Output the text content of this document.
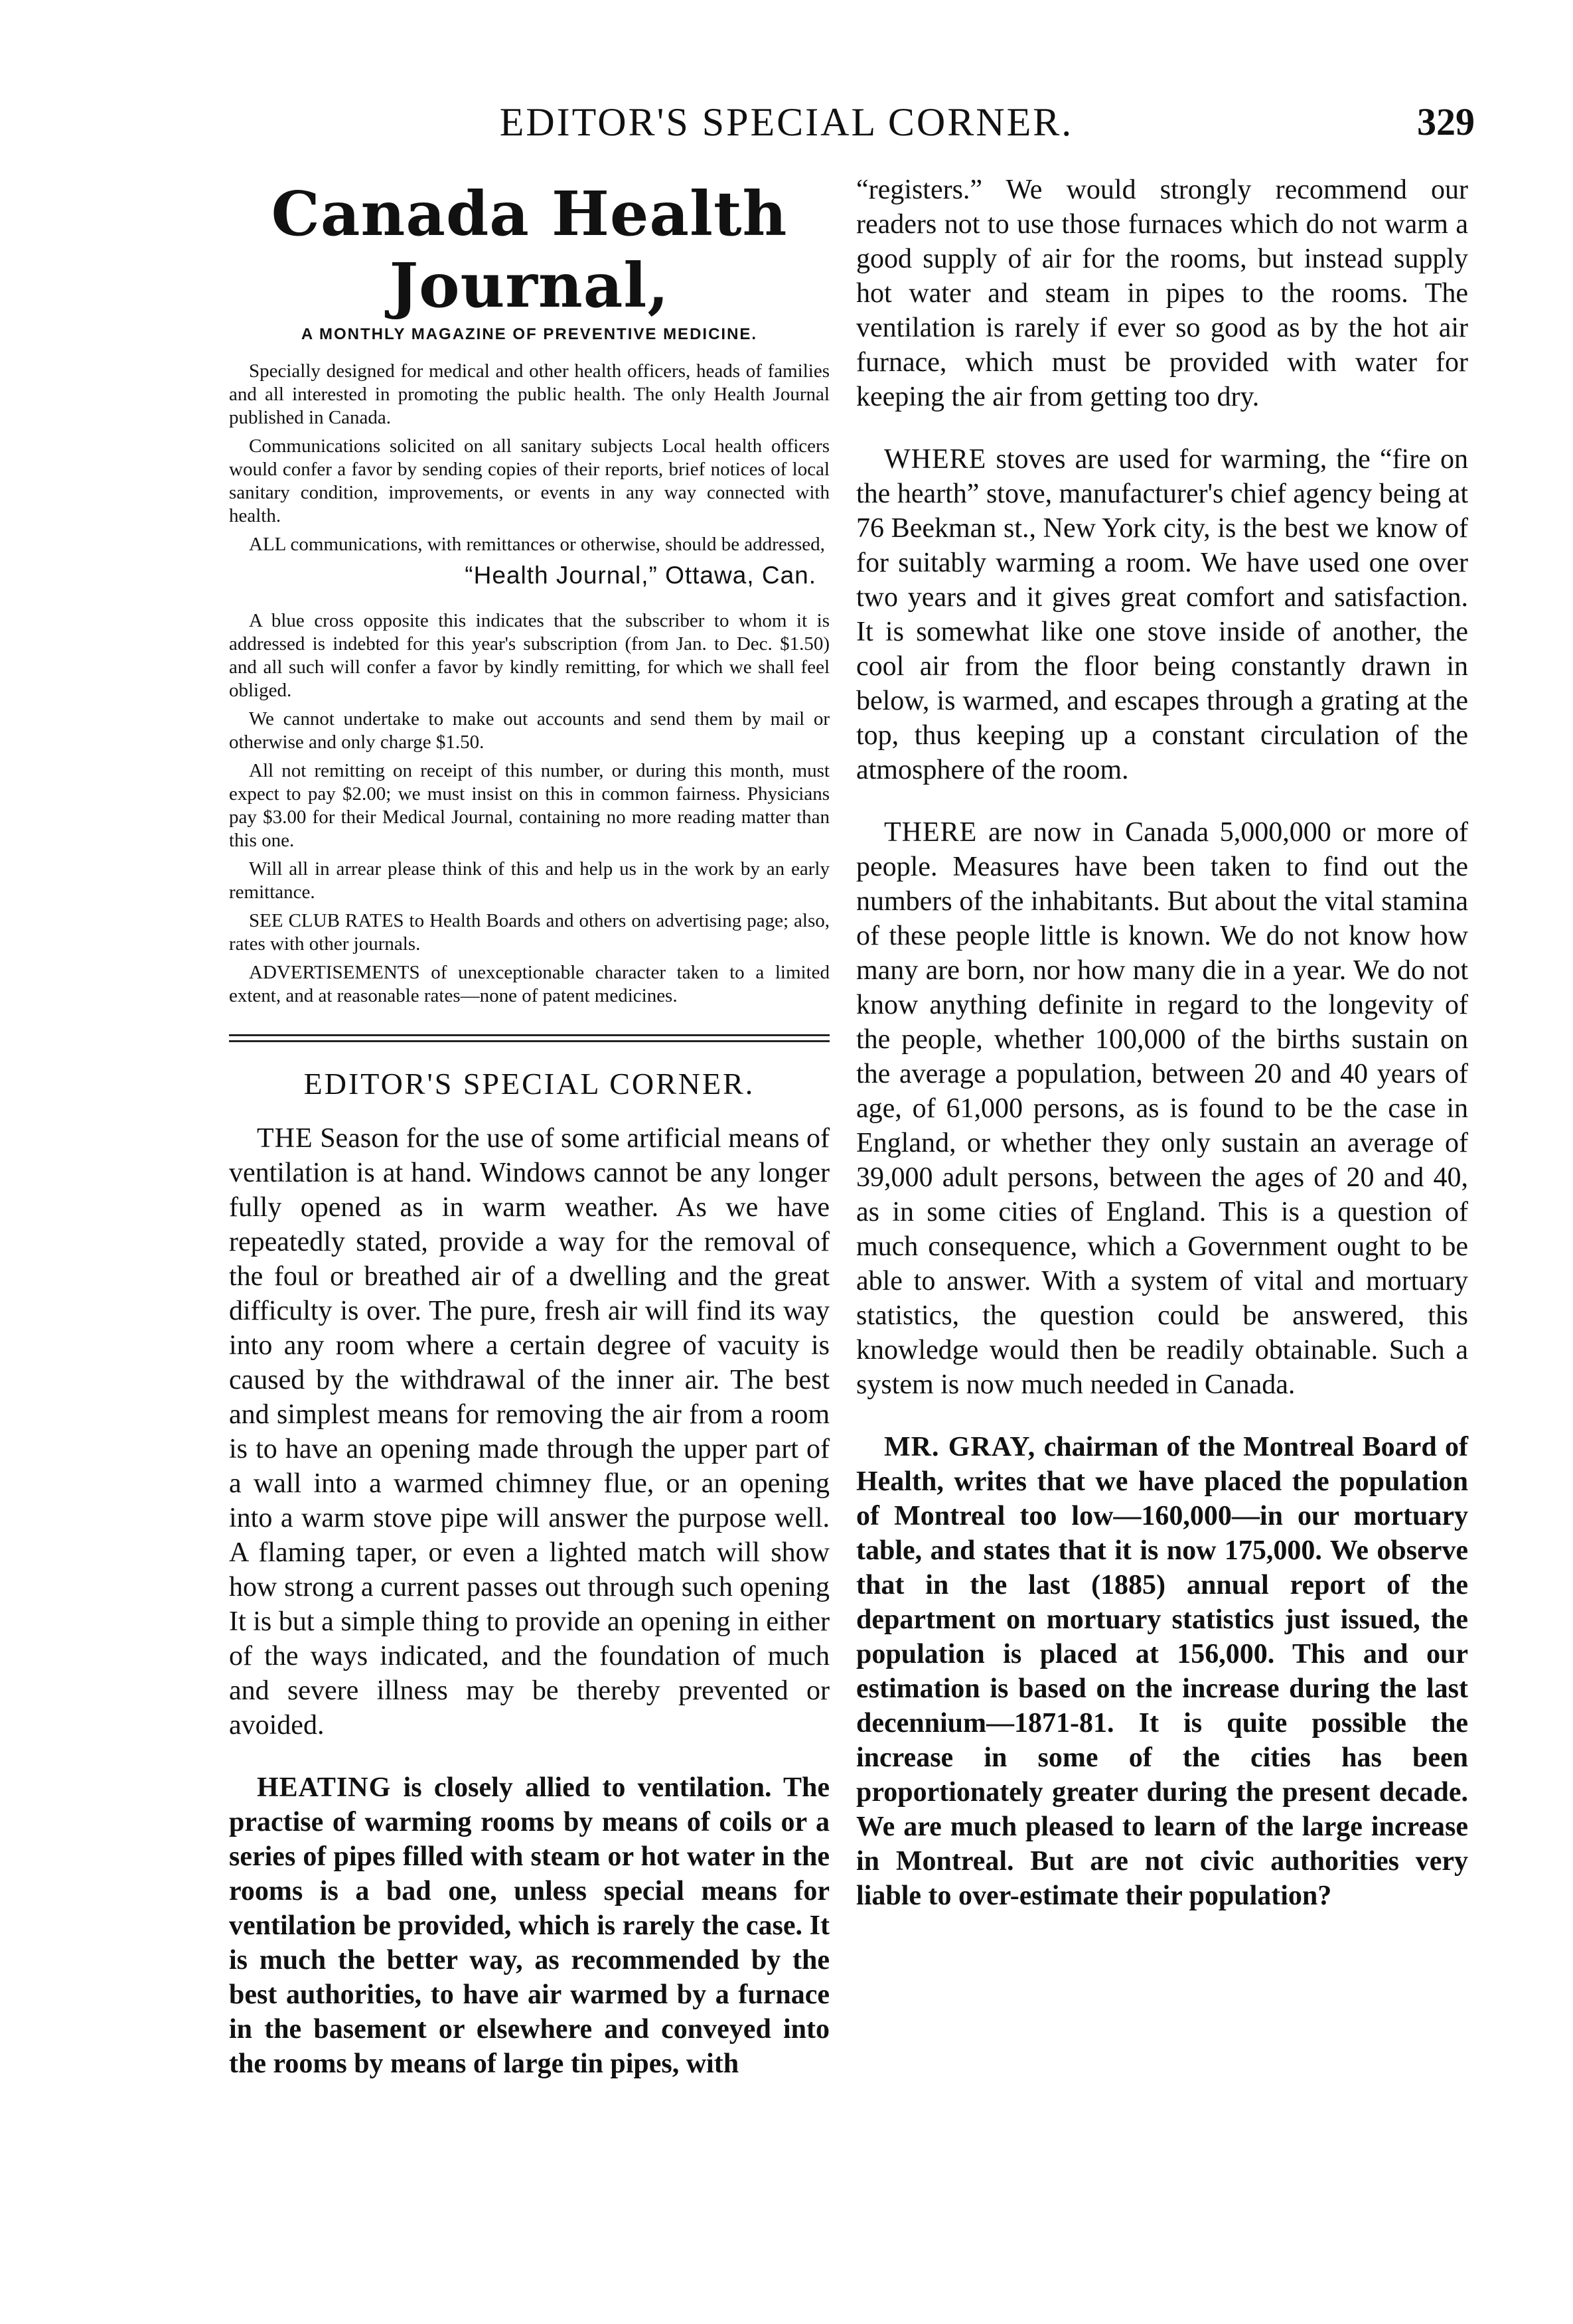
EDITOR'S SPECIAL CORNER.	329
Canada Health Journal,
A MONTHLY MAGAZINE OF PREVENTIVE MEDICINE.

Specially designed for medical and other health officers, heads of families and all interested in promoting the public health. The only Health Journal published in Canada.

Communications solicited on all sanitary subjects Local health officers would confer a favor by sending copies of their reports, brief notices of local sanitary condition, improvements, or events in any way connected with health.

ALL communications, with remittances or otherwise, should be addressed,

“Health Journal,” Ottawa, Can.

A blue cross opposite this indicates that the subscriber to whom it is addressed is indebted for this year's subscription (from Jan. to Dec. $1.50) and all such will confer a favor by kindly remitting, for which we shall feel obliged.

We cannot undertake to make out accounts and send them by mail or otherwise and only charge $1.50.

All not remitting on receipt of this number, or during this month, must expect to pay $2.00; we must insist on this in common fairness. Physicians pay $3.00 for their Medical Journal, containing no more reading matter than this one.

Will all in arrear please think of this and help us in the work by an early remittance.

SEE CLUB RATES to Health Boards and others on advertising page; also, rates with other journals.

ADVERTISEMENTS of unexceptionable character taken to a limited extent, and at reasonable rates—none of patent medicines.

EDITOR'S SPECIAL CORNER.

THE Season for the use of some artificial means of ventilation is at hand. Windows cannot be any longer fully opened as in warm weather. As we have repeatedly stated, provide a way for the removal of the foul or breathed air of a dwelling and the great difficulty is over. The pure, fresh air will find its way into any room where a certain degree of vacuity is caused by the withdrawal of the inner air. The best and simplest means for removing the air from a room is to have an opening made through the upper part of a wall into a warmed chimney flue, or an opening into a warm stove pipe will answer the purpose well. A flaming taper, or even a lighted match will show how strong a current passes out through such opening It is but a simple thing to provide an opening in either of the ways indicated, and the foundation of much and severe illness may be thereby prevented or avoided.

HEATING is closely allied to ventilation. The practise of warming rooms by means of coils or a series of pipes filled with steam or hot water in the rooms is a bad one, unless special means for ventilation be provided, which is rarely the case. It is much the better way, as recommended by the best authorities, to have air warmed by a furnace in the basement or elsewhere and conveyed into the rooms by means of large tin pipes, with

“registers.” We would strongly recommend our readers not to use those furnaces which do not warm a good supply of air for the rooms, but instead supply hot water and steam in pipes to the rooms. The ventilation is rarely if ever so good as by the hot air furnace, which must be provided with water for keeping the air from getting too dry.

WHERE stoves are used for warming, the “fire on the hearth” stove, manufacturer's chief agency being at 76 Beekman st., New York city, is the best we know of for suitably warming a room. We have used one over two years and it gives great comfort and satisfaction. It is somewhat like one stove inside of another, the cool air from the floor being constantly drawn in below, is warmed, and escapes through a grating at the top, thus keeping up a constant circulation of the atmosphere of the room.

THERE are now in Canada 5,000,000 or more of people. Measures have been taken to find out the numbers of the inhabitants. But about the vital stamina of these people little is known. We do not know how many are born, nor how many die in a year. We do not know anything definite in regard to the longevity of the people, whether 100,000 of the births sustain on the average a population, between 20 and 40 years of age, of 61,000 persons, as is found to be the case in England, or whether they only sustain an average of 39,000 adult persons, between the ages of 20 and 40, as in some cities of England. This is a question of much consequence, which a Government ought to be able to answer. With a system of vital and mortuary statistics, the question could be answered, this knowledge would then be readily obtainable. Such a system is now much needed in Canada.

MR. GRAY, chairman of the Montreal Board of Health, writes that we have placed the population of Montreal too low—160,000—in our mortuary table, and states that it is now 175,000. We observe that in the last (1885) annual report of the department on mortuary statistics just issued, the population is placed at 156,000. This and our estimation is based on the increase during the last decennium—1871-81. It is quite possible the increase in some of the cities has been proportionately greater during the present decade. We are much pleased to learn of the large increase in Montreal. But are not civic authorities very liable to over-estimate their population?
